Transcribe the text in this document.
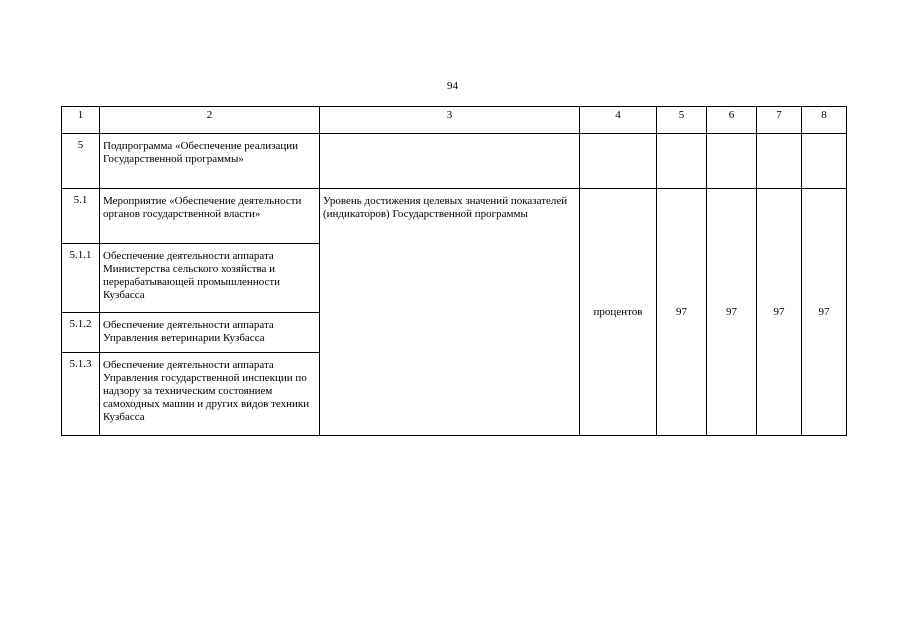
94
1	2	3	4	5	6	7	8
5	Подпрограмма «Обеспечение реализации Государственной программы»						
5.1	Мероприятие «Обеспечение деятельности органов государственной власти»	Уровень достижения целевых значений показателей (индикаторов) Государственной программы	процентов	97	97	97	97
5.1.1	Обеспечение деятельности аппарата Министерства сельского хозяйства и перерабатывающей промышленности Кузбасса						
5.1.2	Обеспечение деятельности аппарата Управления ветеринарии Кузбасса						
5.1.3	Обеспечение деятельности аппарата Управления государственной инспекции по надзору за техническим состоянием самоходных машин и других видов техники Кузбасса						
